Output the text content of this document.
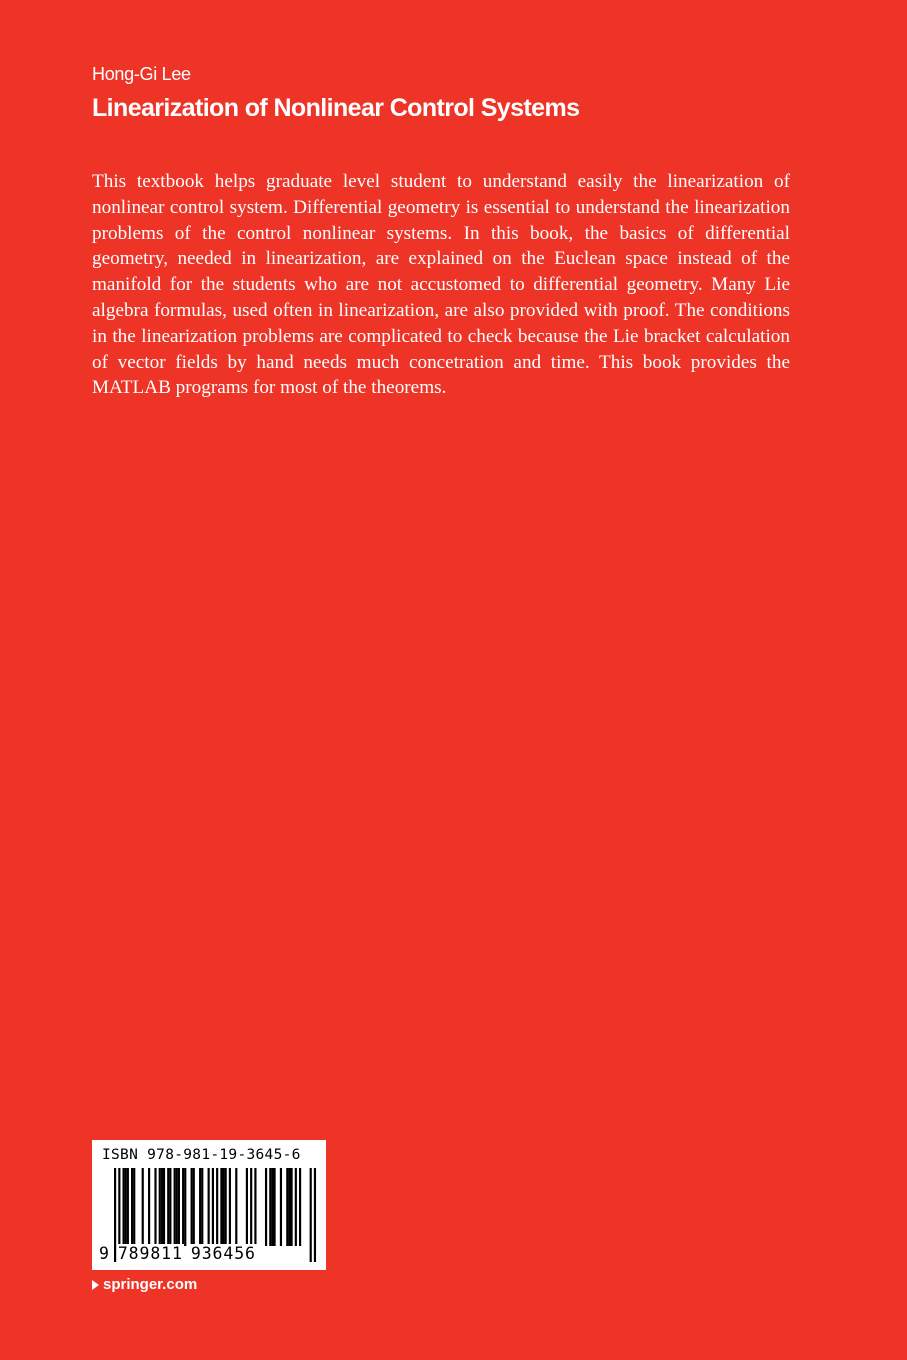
Hong-Gi Lee
Linearization of Nonlinear Control Systems

This textbook helps graduate level student to understand easily the linearization of nonlinear control system. Differential geometry is essential to understand the linearization problems of the control nonlinear systems. In this book, the basics of differential geometry, needed in linearization, are explained on the Euclean space instead of the manifold for the students who are not accustomed to differential geometry. Many Lie algebra formulas, used often in linearization, are also provided with proof. The conditions in the linearization problems are complicated to check because the Lie bracket calculation of vector fields by hand needs much concetration and time. This book provides the MATLAB programs for most of the theorems.

ISBN 978-981-19-3645-6
9 789811 936456
springer.com
